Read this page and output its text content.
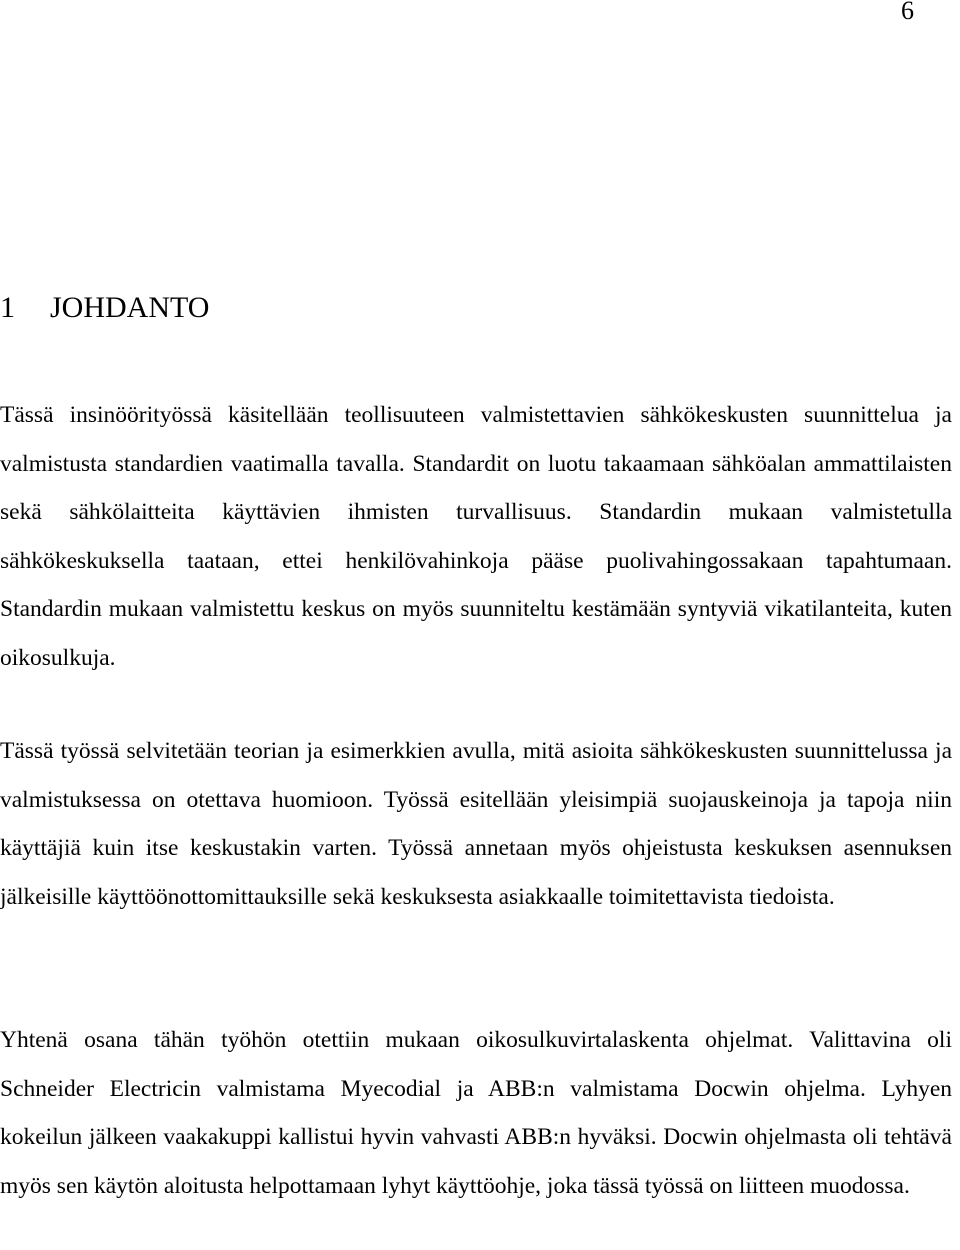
6
1 JOHDANTO

Tässä insinöörityössä käsitellään teollisuuteen valmistettavien sähkökeskusten suunnittelua ja valmistusta standardien vaatimalla tavalla. Standardit on luotu takaamaan sähköalan ammattilaisten sekä sähkölaitteita käyttävien ihmisten turvallisuus. Standardin mukaan valmistetulla sähkökeskuksella taataan, ettei henkilövahinkoja pääse puolivahingossakaan tapahtumaan. Standardin mukaan valmistettu keskus on myös suunniteltu kestämään syntyviä vikatilanteita, kuten oikosulkuja.

Tässä työssä selvitetään teorian ja esimerkkien avulla, mitä asioita sähkökeskusten suunnittelussa ja valmistuksessa on otettava huomioon. Työssä esitellään yleisimpiä suojauskeinoja ja tapoja niin käyttäjiä kuin itse keskustakin varten. Työssä annetaan myös ohjeistusta keskuksen asennuksen jälkeisille käyttöönottomittauksille sekä keskuksesta asiakkaalle toimitettavista tiedoista.

Yhtenä osana tähän työhön otettiin mukaan oikosulkuvirtalaskenta ohjelmat. Valittavina oli Schneider Electricin valmistama Myecodial ja ABB:n valmistama Docwin ohjelma. Lyhyen kokeilun jälkeen vaakakuppi kallistui hyvin vahvasti ABB:n hyväksi. Docwin ohjelmasta oli tehtävä myös sen käytön aloitusta helpottamaan lyhyt käyttöohje, joka tässä työssä on liitteen muodossa.
